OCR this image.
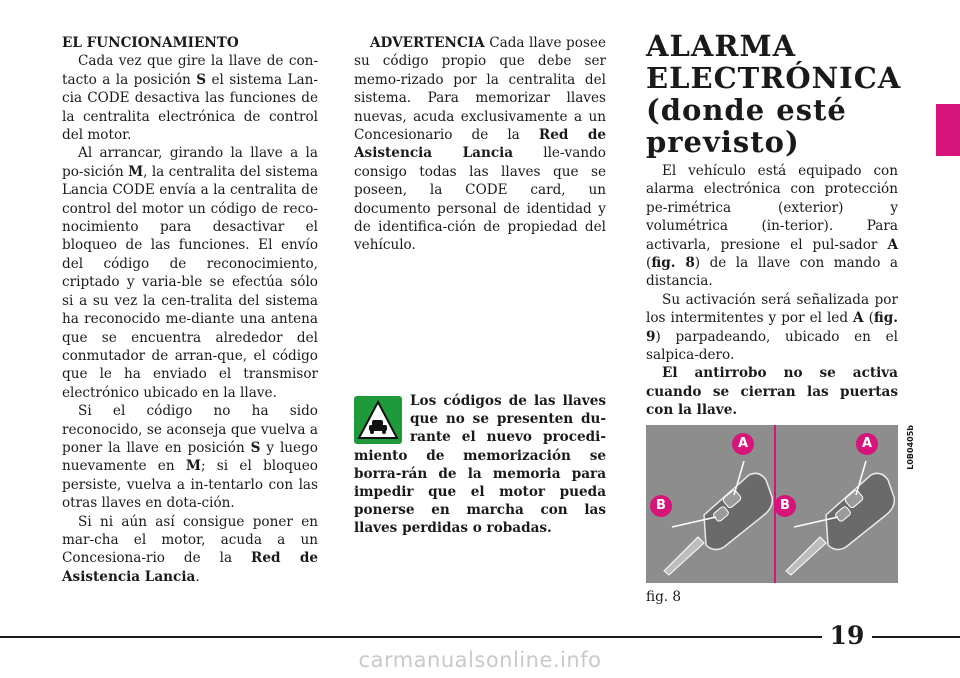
EL FUNCIONAMIENTO

Cada vez que gire la llave de con-tacto a la posición S el sistema Lan-cia CODE desactiva las funciones de la centralita electrónica de control del motor.

Al arrancar, girando la llave a la po-sición M, la centralita del sistema Lancia CODE envía a la centralita de control del motor un código de reco-nocimiento para desactivar el bloqueo de las funciones. El envío del código de reconocimiento, criptado y varia-ble se efectúa sólo si a su vez la cen-tralita del sistema ha reconocido me-diante una antena que se encuentra alrededor del conmutador de arran-que, el código que le ha enviado el transmisor electrónico ubicado en la llave.

Si el código no ha sido reconocido, se aconseja que vuelva a poner la llave en posición S y luego nuevamente en M; si el bloqueo persiste, vuelva a in-tentarlo con las otras llaves en dota-ción.

Si ni aún así consigue poner en mar-cha el motor, acuda a un Concesiona-rio de la Red de Asistencia Lancia.

ADVERTENCIA Cada llave posee su código propio que debe ser memo-rizado por la centralita del sistema. Para memorizar llaves nuevas, acuda exclusivamente a un Concesionario de la Red de Asistencia Lancia lle-vando consigo todas las llaves que se poseen, la CODE card, un documento personal de identidad y de identifica-ción de propiedad del vehículo.

Los códigos de las llaves que no se presenten du-rante el nuevo procedi-miento de memorización se borra-rán de la memoria para impedir que el motor pueda ponerse en marcha con las llaves perdidas o robadas.
ALARMA ELECTRÓNICA (donde esté previsto)

El vehículo está equipado con alarma electrónica con protección pe-rimétrica (exterior) y volumétrica (in-terior). Para activarla, presione el pul-sador A (fig. 8) de la llave con mando a distancia.

Su activación será señalizada por los intermitentes y por el led A (fig. 9) parpadeando, ubicado en el salpica-dero.

El antirrobo no se activa cuando se cierran las puertas con la llave.

A
B
A
B
L0B0405b
fig. 8
19
carmanualsonline.info
